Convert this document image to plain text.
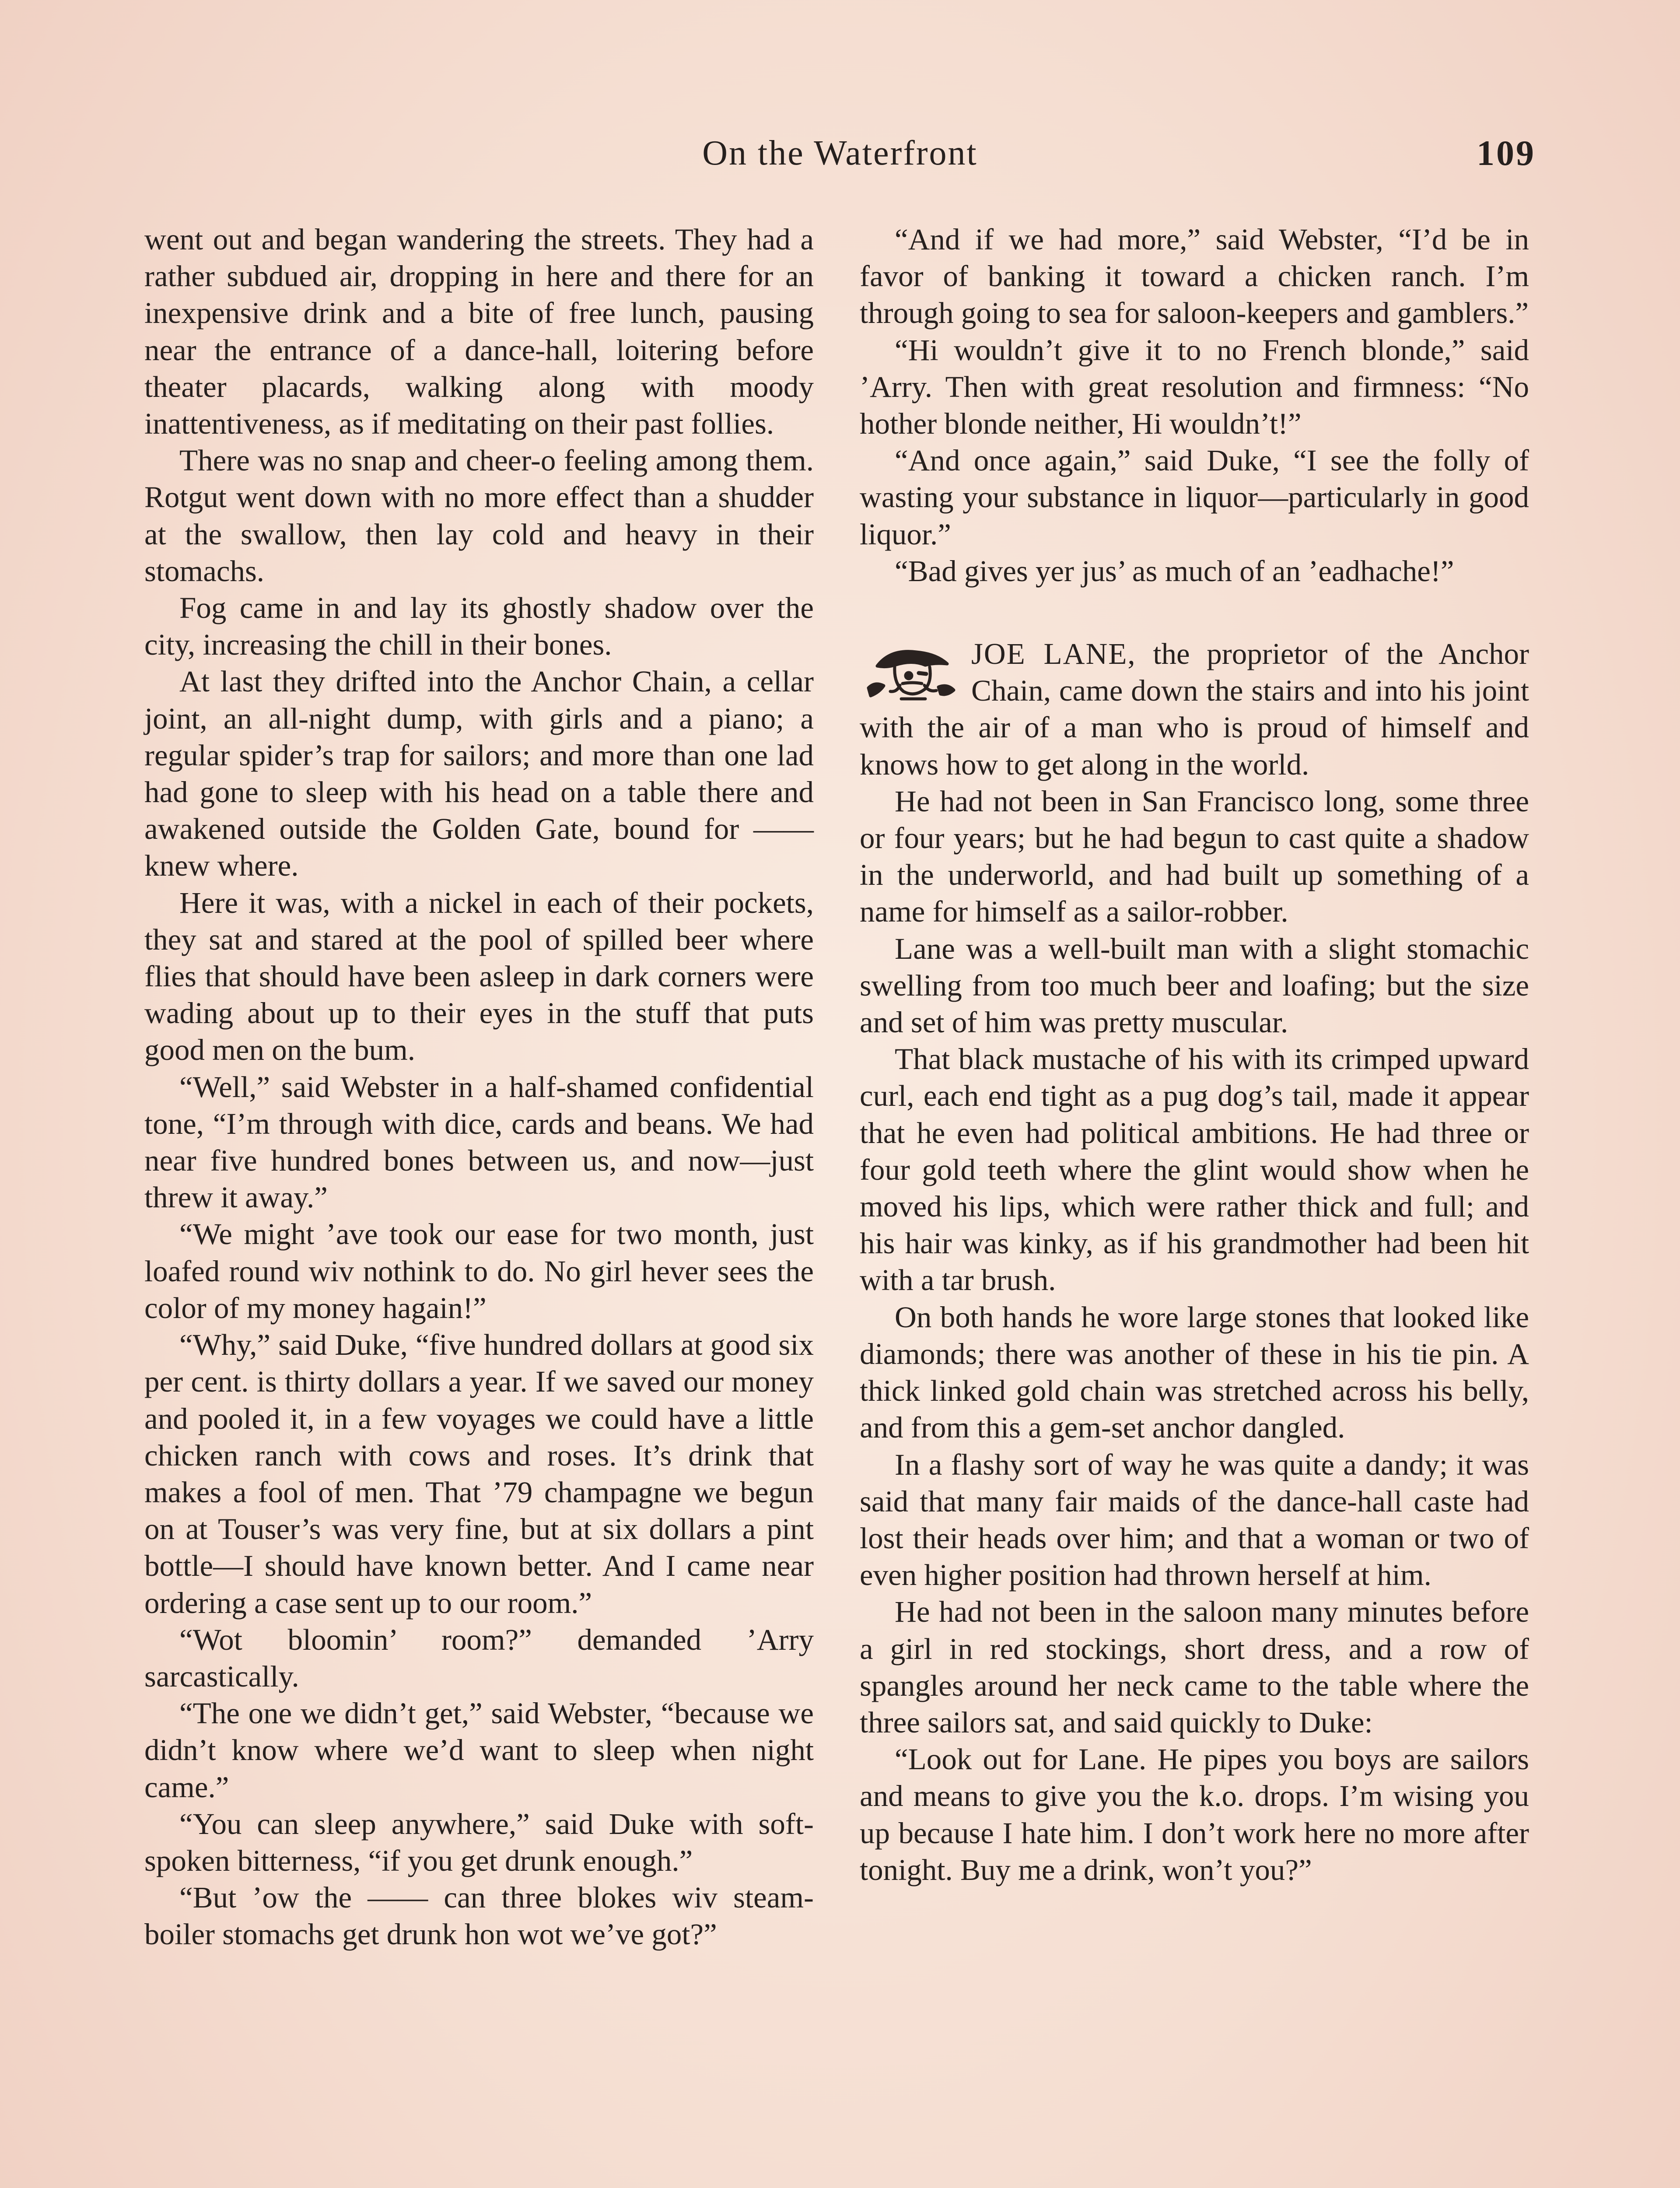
On the Waterfront	109

went out and began wandering the streets. They had a rather subdued air, dropping in here and there for an inexpensive drink and a bite of free lunch, pausing near the entrance of a dance-hall, loitering before theater placards, walking along with moody inattentiveness, as if meditating on their past follies.

There was no snap and cheer-o feeling among them. Rotgut went down with no more effect than a shudder at the swallow, then lay cold and heavy in their stomachs.

Fog came in and lay its ghostly shadow over the city, increasing the chill in their bones.

At last they drifted into the Anchor Chain, a cellar joint, an all-night dump, with girls and a piano; a regular spider’s trap for sailors; and more than one lad had gone to sleep with his head on a table there and awakened outside the Golden Gate, bound for —— knew where.

Here it was, with a nickel in each of their pockets, they sat and stared at the pool of spilled beer where flies that should have been asleep in dark corners were wading about up to their eyes in the stuff that puts good men on the bum.

“Well,” said Webster in a half-shamed confidential tone, “I’m through with dice, cards and beans. We had near five hundred bones between us, and now—just threw it away.”

“We might ’ave took our ease for two month, just loafed round wiv nothink to do. No girl hever sees the color of my money hagain!”

“Why,” said Duke, “five hundred dollars at good six per cent. is thirty dollars a year. If we saved our money and pooled it, in a few voyages we could have a little chicken ranch with cows and roses. It’s drink that makes a fool of men. That ’79 champagne we begun on at Touser’s was very fine, but at six dollars a pint bottle—I should have known better. And I came near ordering a case sent up to our room.”

“Wot bloomin’ room?” demanded ’Arry sarcastically.

“The one we didn’t get,” said Webster, “because we didn’t know where we’d want to sleep when night came.”

“You can sleep anywhere,” said Duke with soft-spoken bitterness, “if you get drunk enough.”

“But ’ow the —— can three blokes wiv steam-boiler stomachs get drunk hon wot we’ve got?”

“And if we had more,” said Webster, “I’d be in favor of banking it toward a chicken ranch. I’m through going to sea for saloon-keepers and gamblers.”

“Hi wouldn’t give it to no French blonde,” said ’Arry. Then with great resolution and firmness: “No hother blonde neither, Hi wouldn’t!”

“And once again,” said Duke, “I see the folly of wasting your substance in liquor—particularly in good liquor.”

“Bad gives yer jus’ as much of an ’eadhache!”

JOE LANE, the proprietor of the Anchor Chain, came down the stairs and into his joint with the air of a man who is proud of himself and knows how to get along in the world.

He had not been in San Francisco long, some three or four years; but he had begun to cast quite a shadow in the underworld, and had built up something of a name for himself as a sailor-robber.

Lane was a well-built man with a slight stomachic swelling from too much beer and loafing; but the size and set of him was pretty muscular.

That black mustache of his with its crimped upward curl, each end tight as a pug dog’s tail, made it appear that he even had political ambitions. He had three or four gold teeth where the glint would show when he moved his lips, which were rather thick and full; and his hair was kinky, as if his grandmother had been hit with a tar brush.

On both hands he wore large stones that looked like diamonds; there was another of these in his tie pin. A thick linked gold chain was stretched across his belly, and from this a gem-set anchor dangled.

In a flashy sort of way he was quite a dandy; it was said that many fair maids of the dance-hall caste had lost their heads over him; and that a woman or two of even higher position had thrown herself at him.

He had not been in the saloon many minutes before a girl in red stockings, short dress, and a row of spangles around her neck came to the table where the three sailors sat, and said quickly to Duke:

“Look out for Lane. He pipes you boys are sailors and means to give you the k.o. drops. I’m wising you up because I hate him. I don’t work here no more after tonight. Buy me a drink, won’t you?”
